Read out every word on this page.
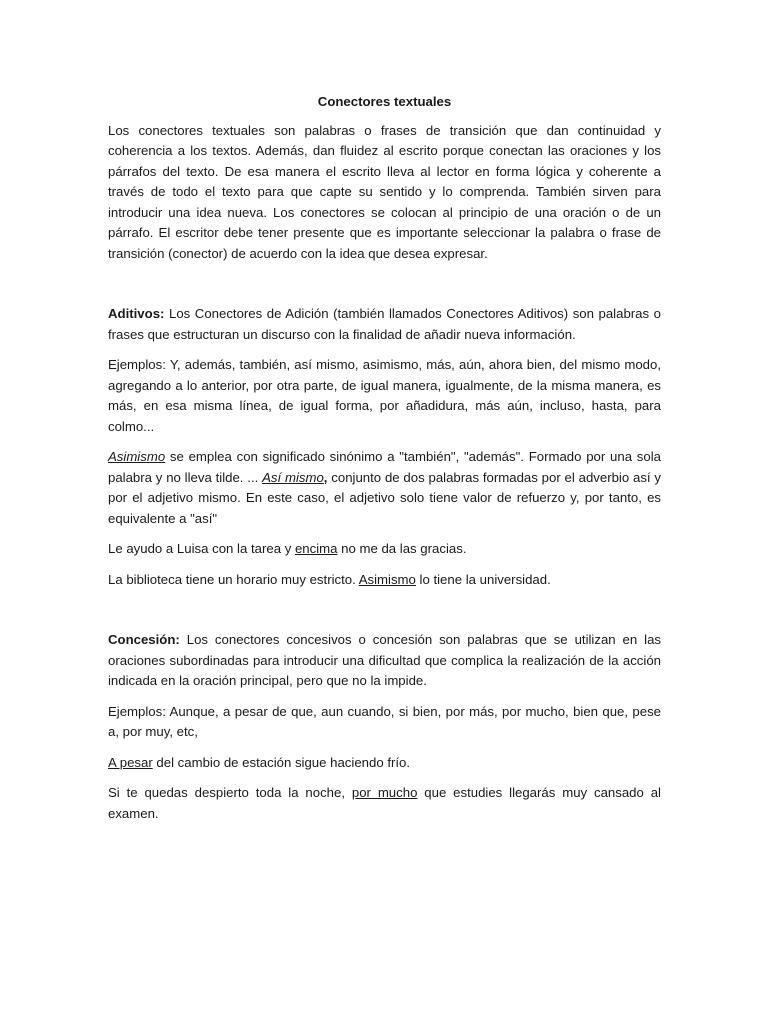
Conectores textuales

Los conectores textuales son palabras o frases de transición que dan continuidad y coherencia a los textos. Además, dan fluidez al escrito porque conectan las oraciones y los párrafos del texto. De esa manera el escrito lleva al lector en forma lógica y coherente a través de todo el texto para que capte su sentido y lo comprenda. También sirven para introducir una idea nueva. Los conectores se colocan al principio de una oración o de un párrafo. El escritor debe tener presente que es importante seleccionar la palabra o frase de transición (conector) de acuerdo con la idea que desea expresar.

Aditivos: Los Conectores de Adición (también llamados Conectores Aditivos) son palabras o frases que estructuran un discurso con la finalidad de añadir nueva información.

Ejemplos: Y, además, también, así mismo, asimismo, más, aún, ahora bien, del mismo modo, agregando a lo anterior, por otra parte, de igual manera, igualmente, de la misma manera, es más, en esa misma línea, de igual forma, por añadidura, más aún, incluso, hasta, para colmo...

Asimismo se emplea con significado sinónimo a "también", "además". Formado por una sola palabra y no lleva tilde. ... Así mismo, conjunto de dos palabras formadas por el adverbio así y por el adjetivo mismo. En este caso, el adjetivo solo tiene valor de refuerzo y, por tanto, es equivalente a "así"

Le ayudo a Luisa con la tarea y encima no me da las gracias.

La biblioteca tiene un horario muy estricto. Asimismo lo tiene la universidad.

Concesión: Los conectores concesivos o concesión son palabras que se utilizan en las oraciones subordinadas para introducir una dificultad que complica la realización de la acción indicada en la oración principal, pero que no la impide.

Ejemplos: Aunque, a pesar de que, aun cuando, si bien, por más, por mucho, bien que, pese a, por muy, etc,

A pesar del cambio de estación sigue haciendo frío.

Si te quedas despierto toda la noche, por mucho que estudies llegarás muy cansado al examen.
